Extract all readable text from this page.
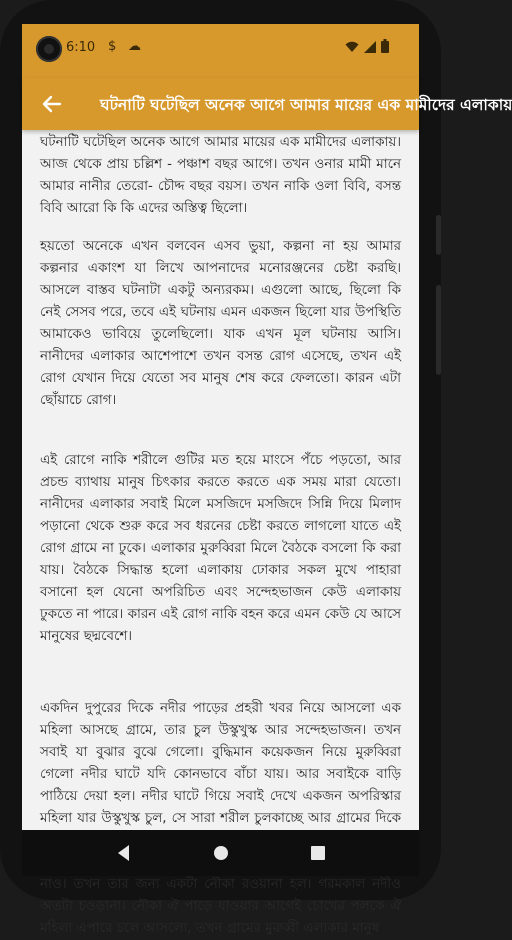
6:10 $ ☁
ঘটনাটি ঘটেছিল অনেক আগে আমার মায়ের এক মামীদের এলাকায়

ঘটনাটি ঘটেছিল অনেক আগে আমার মায়ের এক মামীদের এলাকায়। আজ থেকে প্রায় চল্লিশ - পঞ্চাশ বছর আগে। তখন ওনার মামী মানে আমার নানীর তেরো- চৌদ্দ বছর বয়স। তখন নাকি ওলা বিবি, বসন্ত বিবি আরো কি কি এদের অস্তিত্ব ছিলো।

হয়তো অনেকে এখন বলবেন এসব ভুয়া, কল্পনা না হয় আমার কল্পনার একাংশ যা লিখে আপনাদের মনোরঞ্জনের চেষ্টা করছি। আসলে বাস্তব ঘটনাটা একটু অন্যরকম। এগুলো আছে, ছিলো কি নেই সেসব পরে, তবে এই ঘটনায় এমন একজন ছিলো যার উপস্থিতি আমাকেও ভাবিয়ে তুলেছিলো। যাক এখন মূল ঘটনায় আসি। নানীদের এলাকার আশেপাশে তখন বসন্ত রোগ এসেছে, তখন এই রোগ যেখান দিয়ে যেতো সব মানুষ শেষ করে ফেলতো। কারন এটা ছোঁয়াচে রোগ।

এই রোগে নাকি শরীলে গুটির মত হয়ে মাংসে পঁচে পড়তো, আর প্রচন্ড ব্যাথায় মানুষ চিৎকার করতে করতে এক সময় মারা যেতো। নানীদের এলাকার সবাই মিলে মসজিদে মসজিদে সিন্নি দিয়ে মিলাদ পড়ানো থেকে শুরু করে সব ধরনের চেষ্টা করতে লাগলো যাতে এই রোগ গ্রামে না ঢুকে। এলাকার মুরুব্বিরা মিলে বৈঠকে বসলো কি করা যায়। বৈঠকে সিদ্ধান্ত হলো এলাকায় ঢোকার সকল মুখে পাহারা বসানো হল যেনো অপরিচিত এবং সন্দেহভাজন কেউ এলাকায় ঢুকতে না পারে। কারন এই রোগ নাকি বহন করে এমন কেউ যে আসে মানুষের ছদ্মবেশে।

একদিন দুপুরের দিকে নদীর পাড়ের প্রহরী খবর নিয়ে আসলো এক মহিলা আসছে গ্রামে, তার চুল উস্কুখুস্ক আর সন্দেহভাজন। তখন সবাই যা বুঝার বুঝে গেলো। বুদ্ধিমান কয়েকজন নিয়ে মুরুব্বিরা গেলো নদীর ঘাটে যদি কোনভাবে বাঁচা যায়। আর সবাইকে বাড়ি পাঠিয়ে দেয়া হল। নদীর ঘাটে গিয়ে সবাই দেখে একজন অপরিস্কার মহিলা যার উস্কুখুস্ক চুল, সে সারা শরীল চুলকাচ্ছে আর গ্রামের দিকে নাও। তখন তার জন্য একটা নৌকা রওয়ানা হল। গরমকাল নদীও অতটা চওড়ানা। নৌকা ঐ পাড়ে যাওয়ার আগেই চোখের পলকে ঐ মহিলা এপারে চলে আসলো, তখন গ্রামের মুরুব্বী এলাকার মানুষ
